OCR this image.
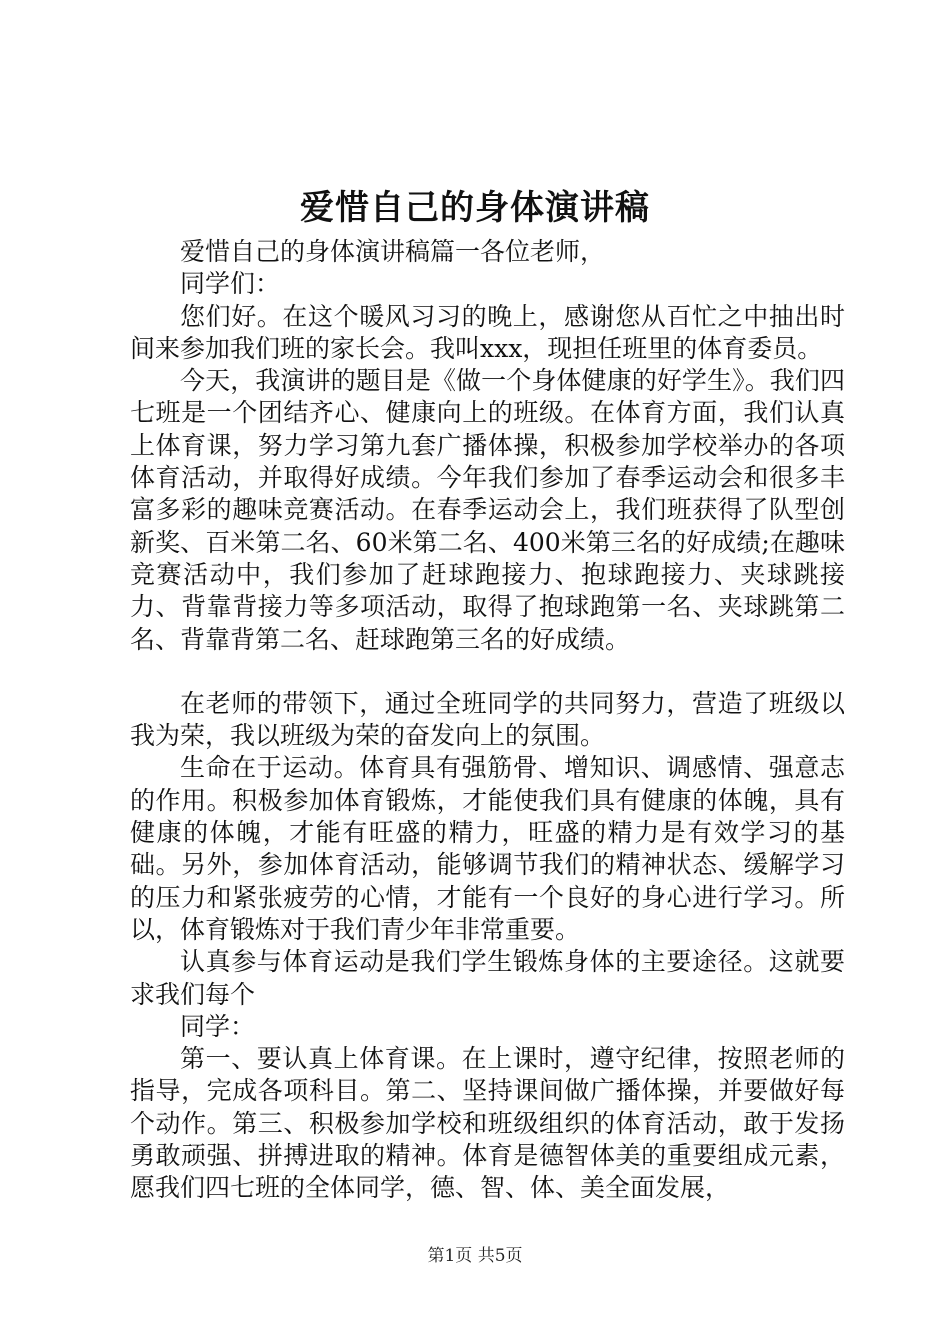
爱惜自己的身体演讲稿

爱惜自己的身体演讲稿篇一各位老师，

同学们：

您们好。在这个暖风习习的晚上，感谢您从百忙之中抽出时间来参加我们班的家长会。我叫xxx，现担任班里的体育委员。

今天，我演讲的题目是《做一个身体健康的好学生》。我们四七班是一个团结齐心、健康向上的班级。在体育方面，我们认真上体育课，努力学习第九套广播体操，积极参加学校举办的各项体育活动，并取得好成绩。今年我们参加了春季运动会和很多丰富多彩的趣味竞赛活动。在春季运动会上，我们班获得了队型创新奖、百米第二名、60米第二名、400米第三名的好成绩;在趣味竞赛活动中，我们参加了赶球跑接力、抱球跑接力、夹球跳接力、背靠背接力等多项活动，取得了抱球跑第一名、夹球跳第二名、背靠背第二名、赶球跑第三名的好成绩。

在老师的带领下，通过全班同学的共同努力，营造了班级以我为荣，我以班级为荣的奋发向上的氛围。

生命在于运动。体育具有强筋骨、增知识、调感情、强意志的作用。积极参加体育锻炼，才能使我们具有健康的体魄，具有健康的体魄，才能有旺盛的精力，旺盛的精力是有效学习的基础。另外，参加体育活动，能够调节我们的精神状态、缓解学习的压力和紧张疲劳的心情，才能有一个良好的身心进行学习。所以，体育锻炼对于我们青少年非常重要。

认真参与体育运动是我们学生锻炼身体的主要途径。这就要求我们每个

同学：

第一、要认真上体育课。在上课时，遵守纪律，按照老师的指导，完成各项科目。第二、坚持课间做广播体操，并要做好每个动作。第三、积极参加学校和班级组织的体育活动，敢于发扬勇敢顽强、拼搏进取的精神。体育是德智体美的重要组成元素，愿我们四七班的全体同学，德、智、体、美全面发展，

第1页 共5页
